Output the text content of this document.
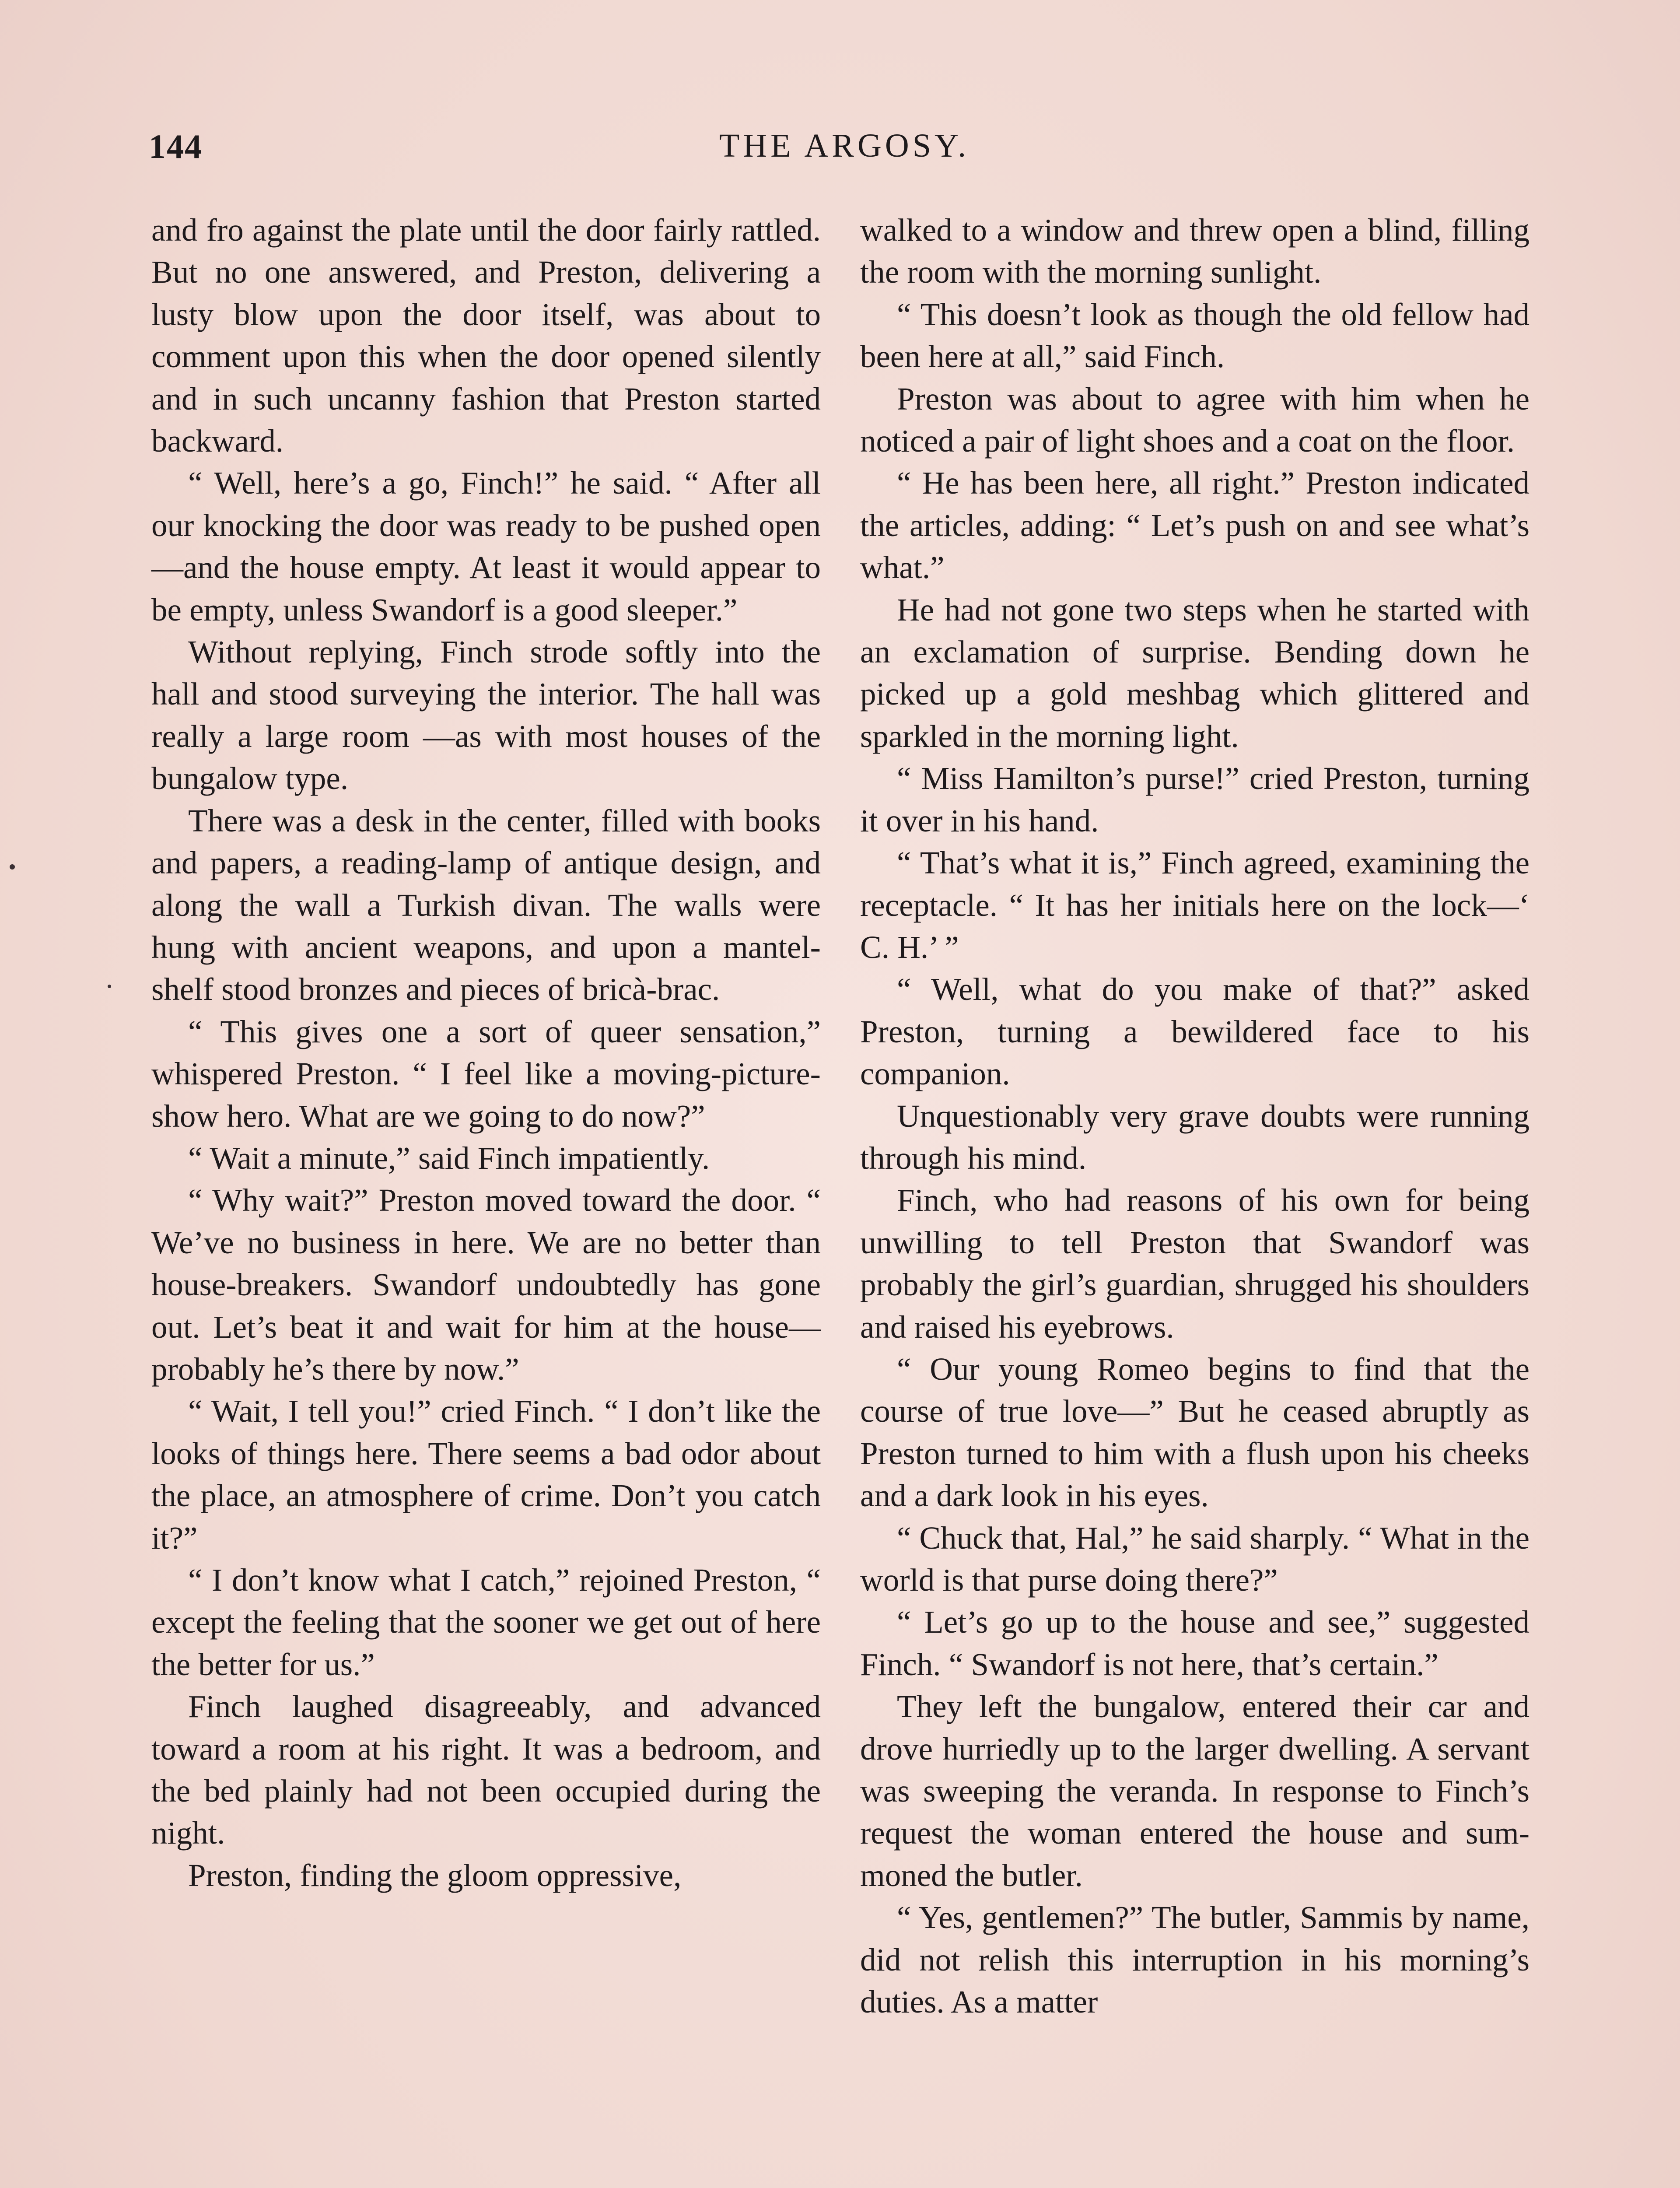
144	THE ARGOSY.

and fro against the plate until the door fairly rattled. But no one answered, and Preston, delivering a lusty blow upon the door itself, was about to comment upon this when the door opened silently and in such uncanny fashion that Preston started backward.

“ Well, here’s a go, Finch!” he said. “ After all our knocking the door was ready to be pushed open—and the house empty. At least it would appear to be empty, unless Swandorf is a good sleeper.”

Without replying, Finch strode softly into the hall and stood surveying the interior. The hall was really a large room —as with most houses of the bungalow type.

There was a desk in the center, filled with books and papers, a reading-lamp of antique design, and along the wall a Turkish divan. The walls were hung with ancient weapons, and upon a mantel-shelf stood bronzes and pieces of bricà-brac.

“ This gives one a sort of queer sensation,” whispered Preston. “ I feel like a moving-picture-show hero. What are we going to do now?”

“ Wait a minute,” said Finch impatiently.

“ Why wait?” Preston moved toward the door. “ We’ve no business in here. We are no better than house-breakers. Swandorf undoubtedly has gone out. Let’s beat it and wait for him at the house—probably he’s there by now.”

“ Wait, I tell you!” cried Finch. “ I don’t like the looks of things here. There seems a bad odor about the place, an atmosphere of crime. Don’t you catch it?”

“ I don’t know what I catch,” rejoined Preston, “ except the feeling that the sooner we get out of here the better for us.”

Finch laughed disagreeably, and advanced toward a room at his right. It was a bedroom, and the bed plainly had not been occupied during the night.

Preston, finding the gloom oppressive,

walked to a window and threw open a blind, filling the room with the morning sunlight.

“ This doesn’t look as though the old fellow had been here at all,” said Finch.

Preston was about to agree with him when he noticed a pair of light shoes and a coat on the floor.

“ He has been here, all right.” Preston indicated the articles, adding: “ Let’s push on and see what’s what.”

He had not gone two steps when he started with an exclamation of surprise. Bending down he picked up a gold meshbag which glittered and sparkled in the morning light.

“ Miss Hamilton’s purse!” cried Preston, turning it over in his hand.

“ That’s what it is,” Finch agreed, examining the receptacle. “ It has her initials here on the lock—‘ C. H.’ ”

“ Well, what do you make of that?” asked Preston, turning a bewildered face to his companion.

Unquestionably very grave doubts were running through his mind.

Finch, who had reasons of his own for being unwilling to tell Preston that Swandorf was probably the girl’s guardian, shrugged his shoulders and raised his eyebrows.

“ Our young Romeo begins to find that the course of true love—” But he ceased abruptly as Preston turned to him with a flush upon his cheeks and a dark look in his eyes.

“ Chuck that, Hal,” he said sharply. “ What in the world is that purse doing there?”

“ Let’s go up to the house and see,” suggested Finch. “ Swandorf is not here, that’s certain.”

They left the bungalow, entered their car and drove hurriedly up to the larger dwelling. A servant was sweeping the veranda. In response to Finch’s request the woman entered the house and summoned the butler.

“ Yes, gentlemen?” The butler, Sammis by name, did not relish this interruption in his morning’s duties. As a matter
